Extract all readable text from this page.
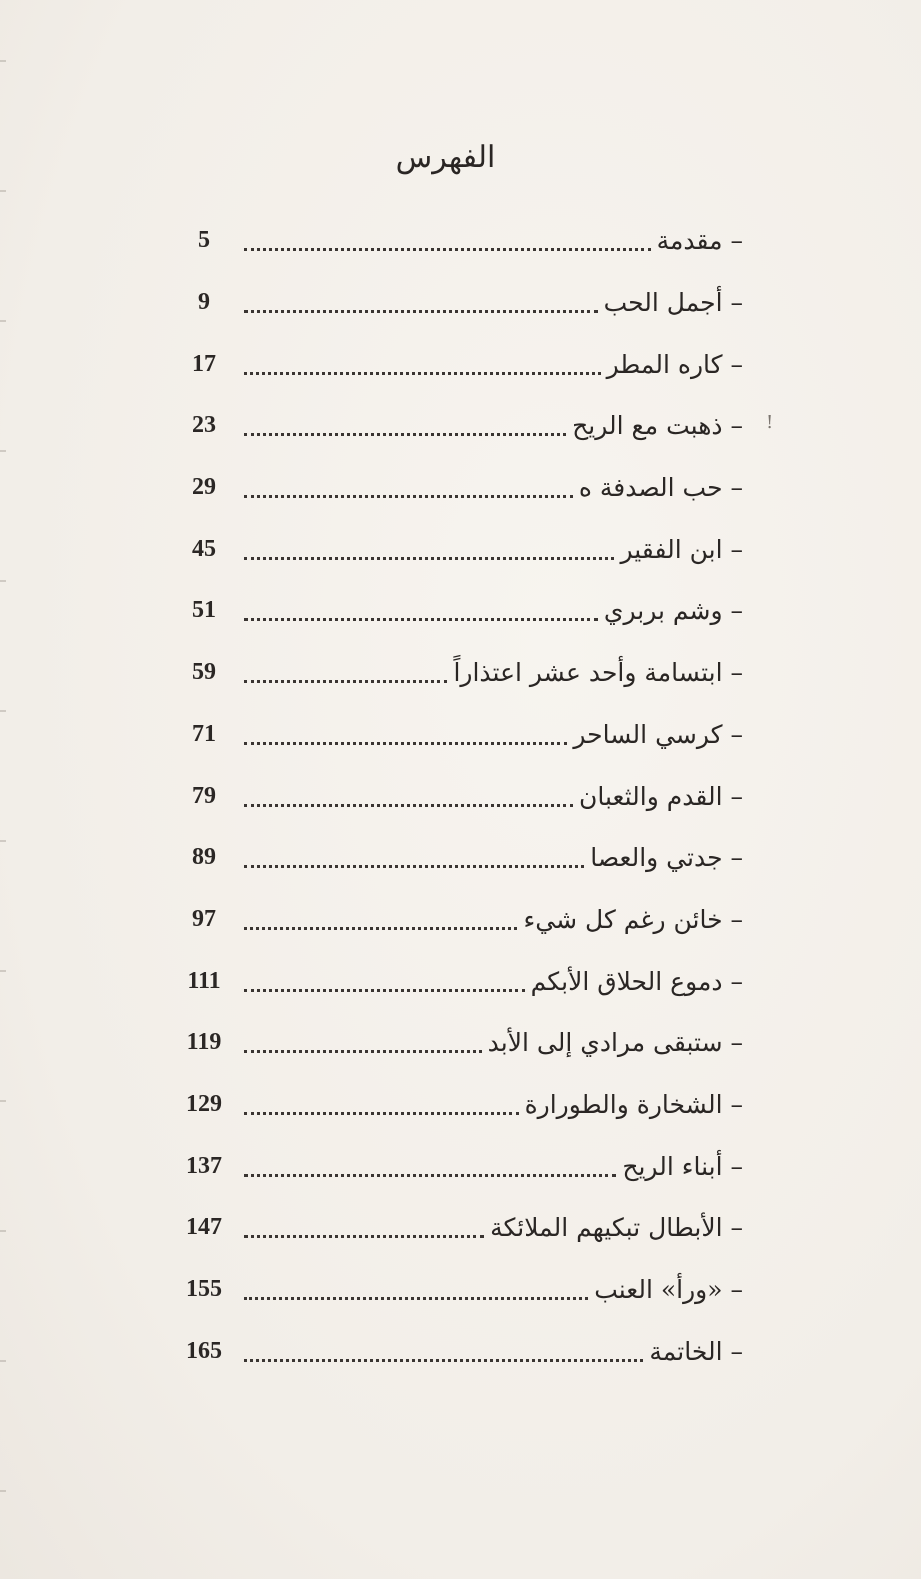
الفهرس
5	– مقدمة
9	– أجمل الحب
17	– كاره المطر
23	– ذهبت مع الريح
29	– حب الصدفة ه
45	– ابن الفقير
51	– وشم بربري
59	– ابتسامة وأحد عشر اعتذاراً
71	– كرسي الساحر
79	– القدم والثعبان
89	– جدتي والعصا
97	– خائن رغم كل شيء
111	– دموع الحلاق الأبكم
119	– ستبقى مرادي إلى الأبد
129	– الشخارة والطورارة
137	– أبناء الريح
147	– الأبطال تبكيهم الملائكة
155	– «ورأ» العنب
165	– الخاتمة
!
